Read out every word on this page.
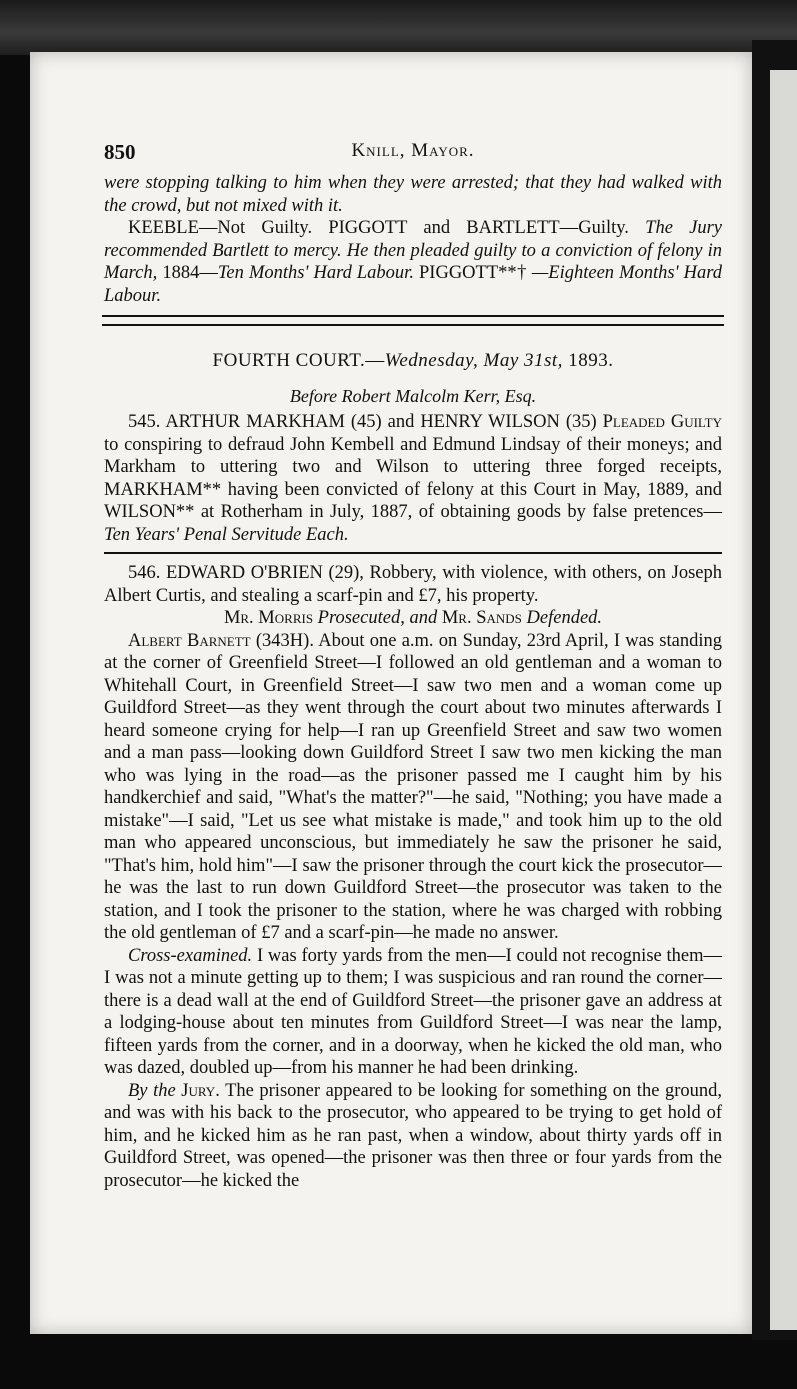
850	Knill, Mayor.

were stopping talking to him when they were arrested; that they had walked with the crowd, but not mixed with it.

KEEBLE—Not Guilty. PIGGOTT and BARTLETT—Guilty. The Jury recommended Bartlett to mercy. He then pleaded guilty to a conviction of felony in March, 1884—Ten Months' Hard Labour. PIGGOTT**† —Eighteen Months' Hard Labour.

FOURTH COURT.—Wednesday, May 31st, 1893.
Before Robert Malcolm Kerr, Esq.

545. ARTHUR MARKHAM (45) and HENRY WILSON (35) Pleaded Guilty to conspiring to defraud John Kembell and Edmund Lindsay of their moneys; and Markham to uttering two and Wilson to uttering three forged receipts, MARKHAM** having been convicted of felony at this Court in May, 1889, and WILSON** at Rotherham in July, 1887, of obtaining goods by false pretences—Ten Years' Penal Servitude Each.

546. EDWARD O'BRIEN (29), Robbery, with violence, with others, on Joseph Albert Curtis, and stealing a scarf-pin and £7, his property.

Mr. Morris Prosecuted, and Mr. Sands Defended.

Albert Barnett (343H). About one a.m. on Sunday, 23rd April, I was standing at the corner of Greenfield Street—I followed an old gentleman and a woman to Whitehall Court, in Greenfield Street—I saw two men and a woman come up Guildford Street—as they went through the court about two minutes afterwards I heard someone crying for help—I ran up Greenfield Street and saw two women and a man pass—looking down Guildford Street I saw two men kicking the man who was lying in the road—as the prisoner passed me I caught him by his handkerchief and said, "What's the matter?"—he said, "Nothing; you have made a mistake"—I said, "Let us see what mistake is made," and took him up to the old man who appeared unconscious, but immediately he saw the prisoner he said, "That's him, hold him"—I saw the prisoner through the court kick the prosecutor—he was the last to run down Guildford Street—the prosecutor was taken to the station, and I took the prisoner to the station, where he was charged with robbing the old gentleman of £7 and a scarf-pin—he made no answer.

Cross-examined. I was forty yards from the men—I could not recognise them—I was not a minute getting up to them; I was suspicious and ran round the corner—there is a dead wall at the end of Guildford Street—the prisoner gave an address at a lodging-house about ten minutes from Guildford Street—I was near the lamp, fifteen yards from the corner, and in a doorway, when he kicked the old man, who was dazed, doubled up—from his manner he had been drinking.

By the Jury. The prisoner appeared to be looking for something on the ground, and was with his back to the prosecutor, who appeared to be trying to get hold of him, and he kicked him as he ran past, when a window, about thirty yards off in Guildford Street, was opened—the prisoner was then three or four yards from the prosecutor—he kicked the
